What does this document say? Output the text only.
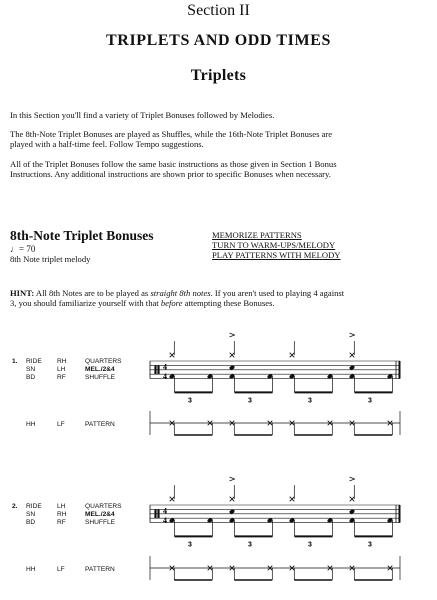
Section II
TRIPLETS AND ODD TIMES
Triplets
In this Section you'll find a variety of Triplet Bonuses followed by Melodies.
The 8th-Note Triplet Bonuses are played as Shuffles, while the 16th-Note Triplet Bonuses are
played with a half-time feel. Follow Tempo suggestions.
All of the Triplet Bonuses follow the same basic instructions as those given in Section 1 Bonus
Instructions. Any additional instructions are shown prior to specific Bonuses when necessary.
8th-Note Triplet Bonuses
♩= 70
8th Note triplet melody
MEMORIZE PATTERNS
TURN TO WARM-UPS/MELODY
PLAY PATTERNS WITH MELODY
HINT: All 8th Notes are to be played as straight 8th notes. If you aren't used to playing 4 against
3, you should familiarize yourself with that before attempting these Bonuses.
1. RIDE RH	QUARTERS
SN	LH	MEL./2&4
BD	RF	SHUFFLE
HH	LF	PATTERN
2. RIDE LH	QUARTERS
SN	RH	MEL./2&4
BD	RF	SHUFFLE
HH	LF	PATTERN
4
4
3	3	3	3
4
4
3	3	3	3
